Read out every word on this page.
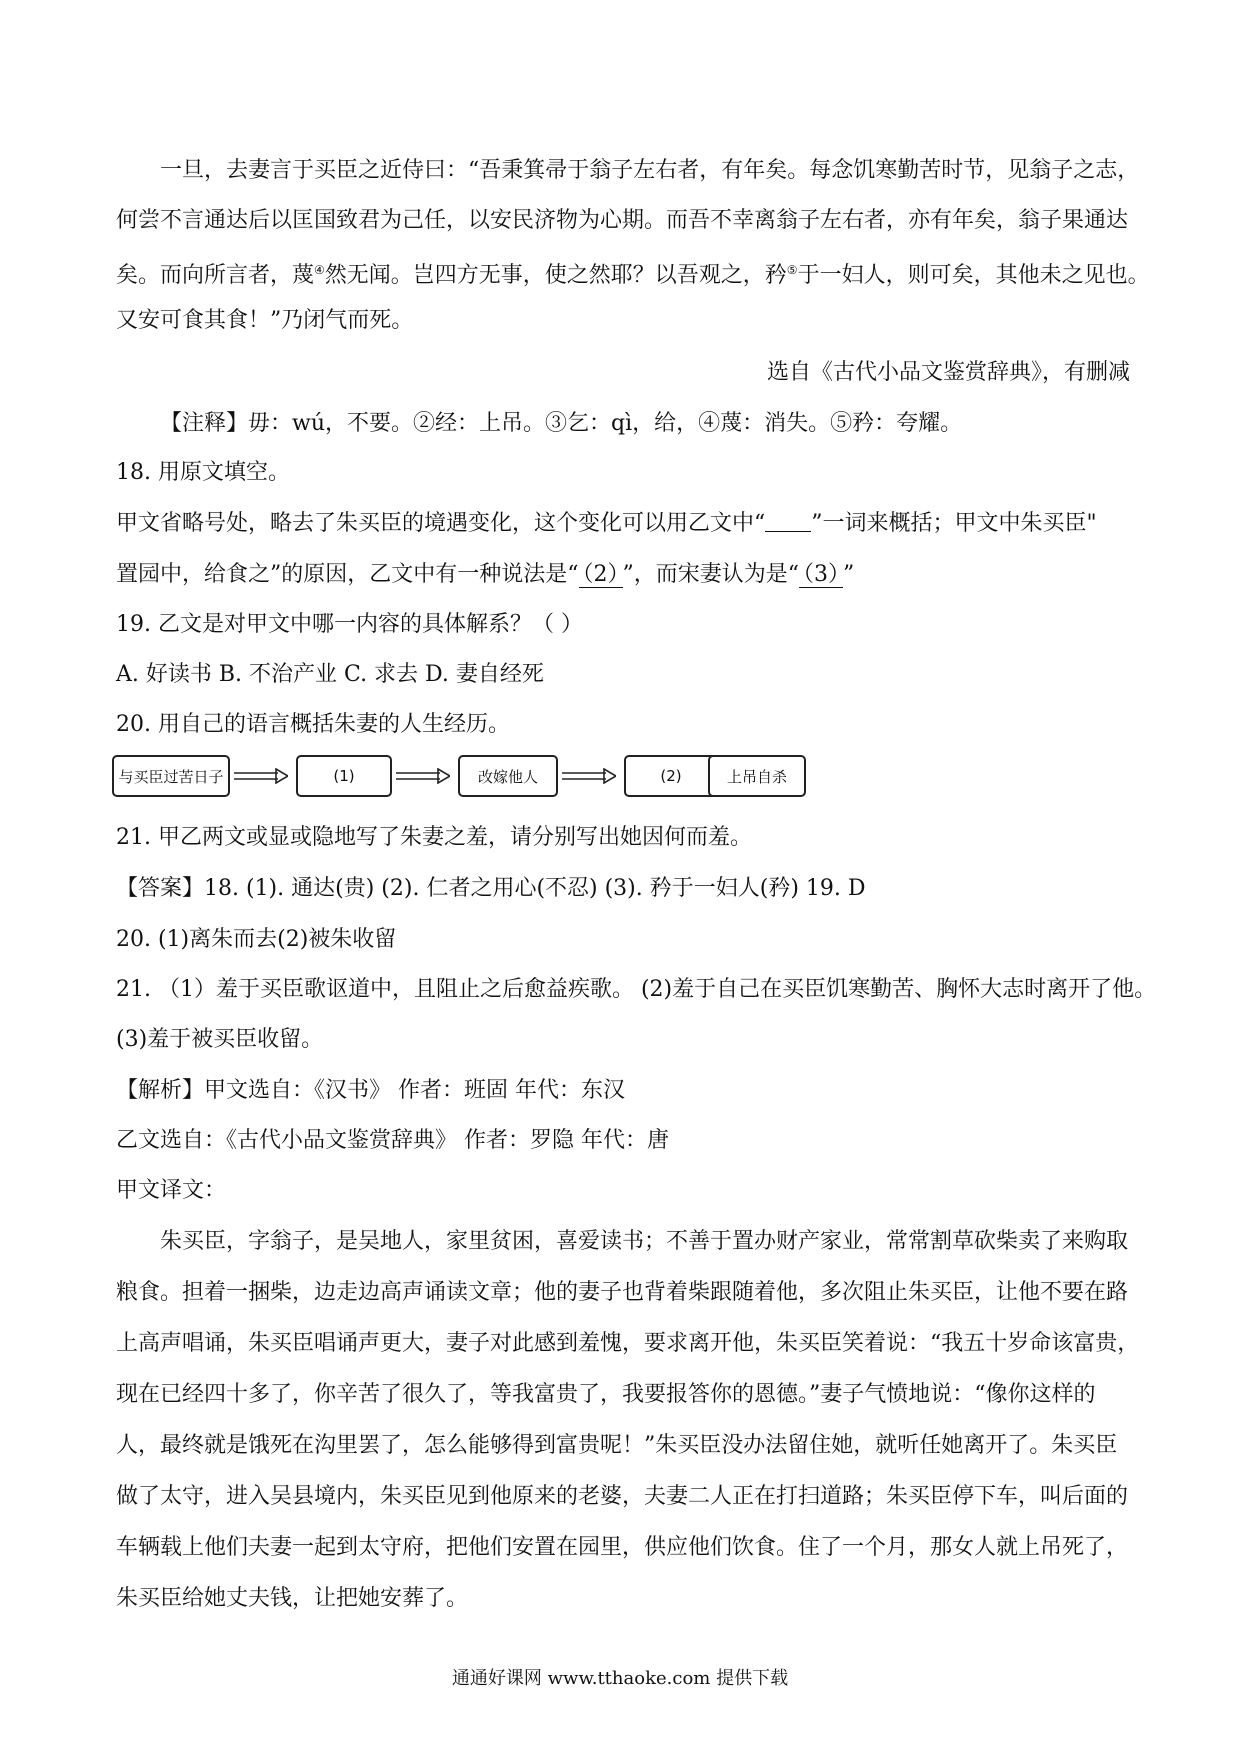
一旦，去妻言于买臣之近侍曰：“吾秉箕帚于翁子左右者，有年矣。每念饥寒勤苦时节，见翁子之志，
何尝不言通达后以匡国致君为己任，以安民济物为心期。而吾不幸离翁子左右者，亦有年矣，翁子果通达
矣。而向所言者，蔑④然无闻。岂四方无事，使之然耶？以吾观之，矜⑤于一妇人，则可矣，其他未之见也。
又安可食其食！”乃闭气而死。
选自《古代小品文鉴赏辞典》，有删减
【注释】毋：wú，不要。②经：上吊。③乞：qì，给，④蔑：消失。⑤矜：夸耀。
18. 用原文填空。
甲文省略号处，略去了朱买臣的境遇变化，这个变化可以用乙文中“ ”一词来概括；甲文中朱买臣"
置园中，给食之”的原因，乙文中有一种说法是“ （2） ”，而宋妻认为是“ （3） ”
19. 乙文是对甲文中哪一内容的具体解系？（ ）
A. 好读书 B. 不治产业 C. 求去 D. 妻自经死
20. 用自己的语言概括朱妻的人生经历。
与买臣过苦日子	(1)	改嫁他人	(2)	上吊自杀
21. 甲乙两文或显或隐地写了朱妻之羞，请分别写出她因何而羞。
【答案】18. (1). 通达(贵) (2). 仁者之用心(不忍) (3). 矜于一妇人(矜) 19. D
20. (1)离朱而去(2)被朱收留
21. （1）羞于买臣歌讴道中，且阻止之后愈益疾歌。 (2)羞于自己在买臣饥寒勤苦、胸怀大志时离开了他。
(3)羞于被买臣收留。
【解析】甲文选自：《汉书》 作者：班固 年代：东汉
乙文选自：《古代小品文鉴赏辞典》 作者：罗隐 年代：唐
甲文译文：
朱买臣，字翁子，是吴地人，家里贫困，喜爱读书；不善于置办财产家业，常常割草砍柴卖了来购取
粮食。担着一捆柴，边走边高声诵读文章；他的妻子也背着柴跟随着他，多次阻止朱买臣，让他不要在路
上高声唱诵，朱买臣唱诵声更大，妻子对此感到羞愧，要求离开他，朱买臣笑着说：“我五十岁命该富贵，
现在已经四十多了，你辛苦了很久了，等我富贵了，我要报答你的恩德。”妻子气愤地说：“像你这样的
人，最终就是饿死在沟里罢了，怎么能够得到富贵呢！”朱买臣没办法留住她，就听任她离开了。朱买臣
做了太守，进入吴县境内，朱买臣见到他原来的老婆，夫妻二人正在打扫道路；朱买臣停下车，叫后面的
车辆载上他们夫妻一起到太守府，把他们安置在园里，供应他们饮食。住了一个月，那女人就上吊死了，
朱买臣给她丈夫钱，让把她安葬了。
通通好课网 www.tthaoke.com 提供下载
